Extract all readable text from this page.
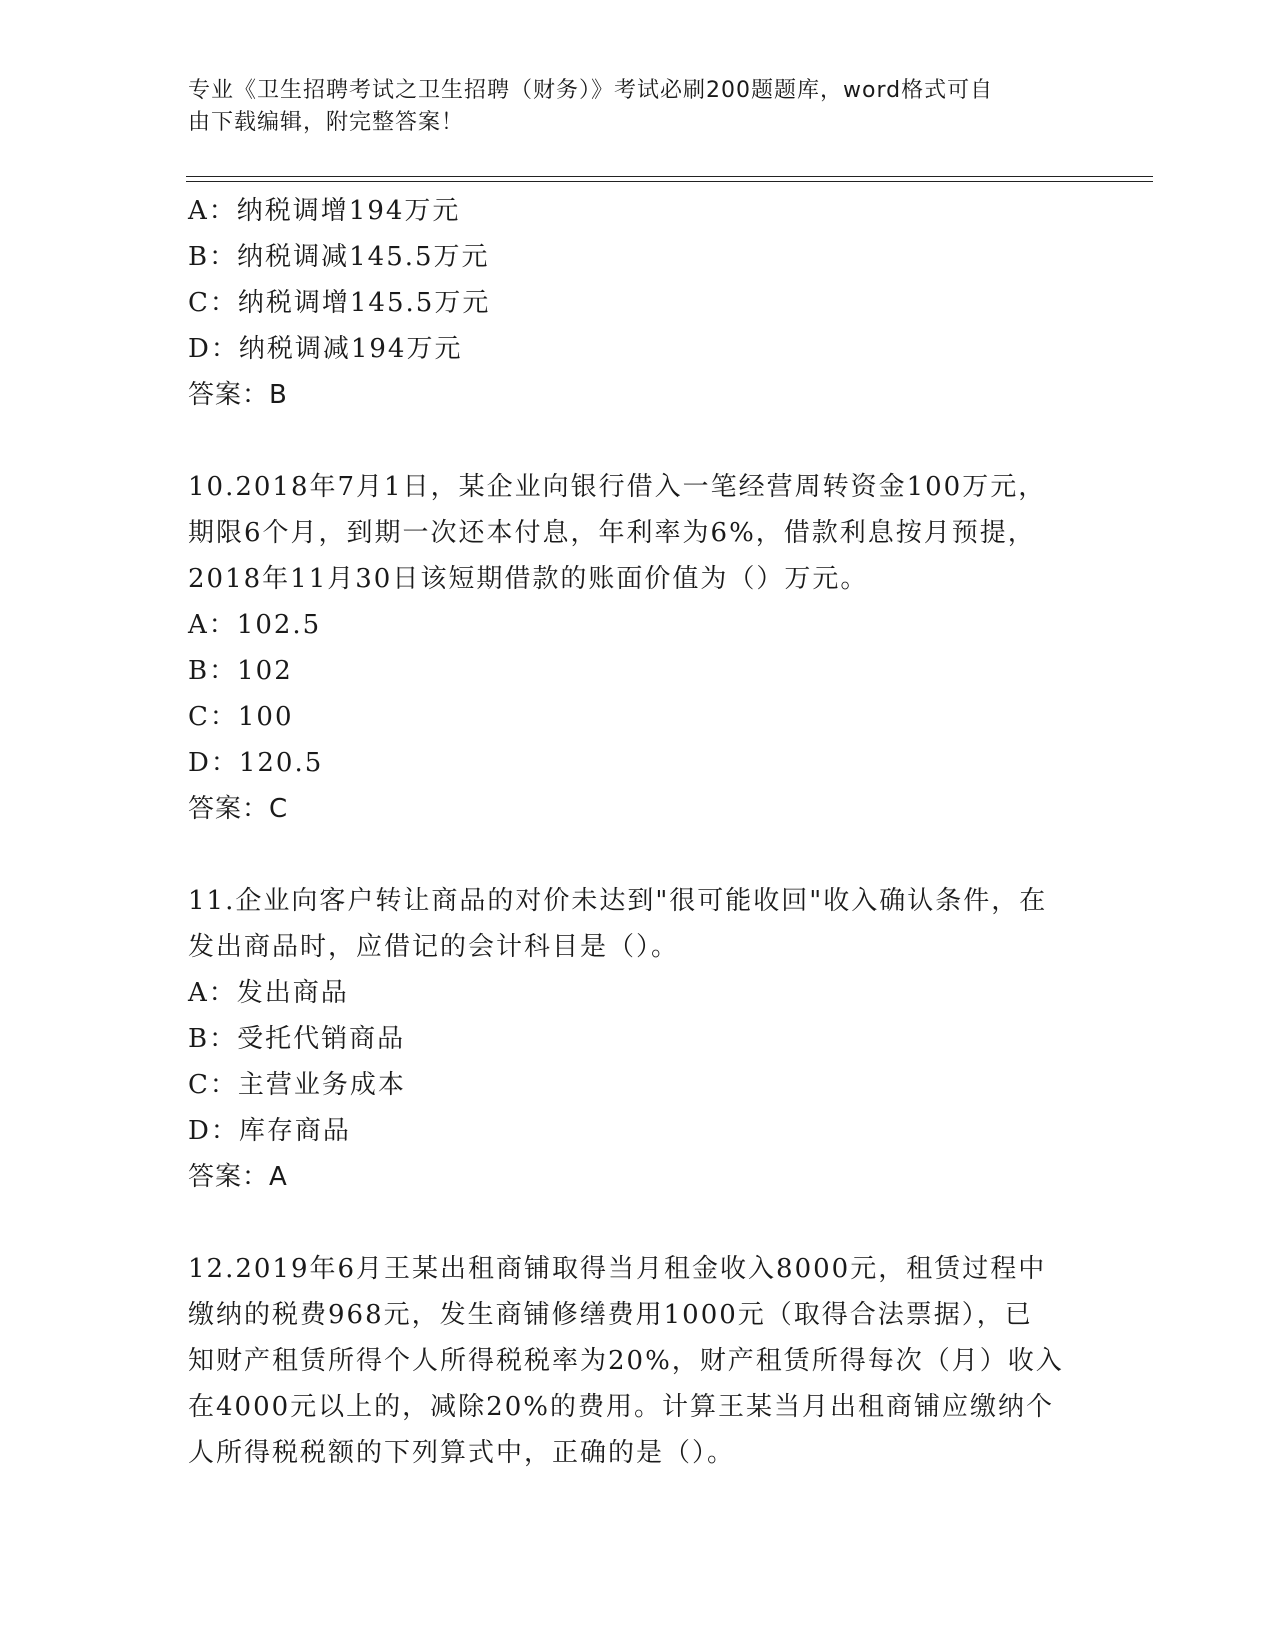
专业《卫生招聘考试之卫生招聘（财务）》考试必刷200题题库，word格式可自
由下载编辑，附完整答案！
A：纳税调增194万元
B：纳税调减145.5万元
C：纳税调增145.5万元
D：纳税调减194万元
答案：B
10.2018年7月1日，某企业向银行借入一笔经营周转资金100万元，
期限6个月，到期一次还本付息，年利率为6%，借款利息按月预提，
2018年11月30日该短期借款的账面价值为（）万元。
A：102.5
B：102
C：100
D：120.5
答案：C
11.企业向客户转让商品的对价未达到"很可能收回"收入确认条件，在
发出商品时，应借记的会计科目是（）。
A：发出商品
B：受托代销商品
C：主营业务成本
D：库存商品
答案：A
12.2019年6月王某出租商铺取得当月租金收入8000元，租赁过程中
缴纳的税费968元，发生商铺修缮费用1000元（取得合法票据），已
知财产租赁所得个人所得税税率为20%，财产租赁所得每次（月）收入
在4000元以上的，减除20%的费用。计算王某当月出租商铺应缴纳个
人所得税税额的下列算式中，正确的是（）。
